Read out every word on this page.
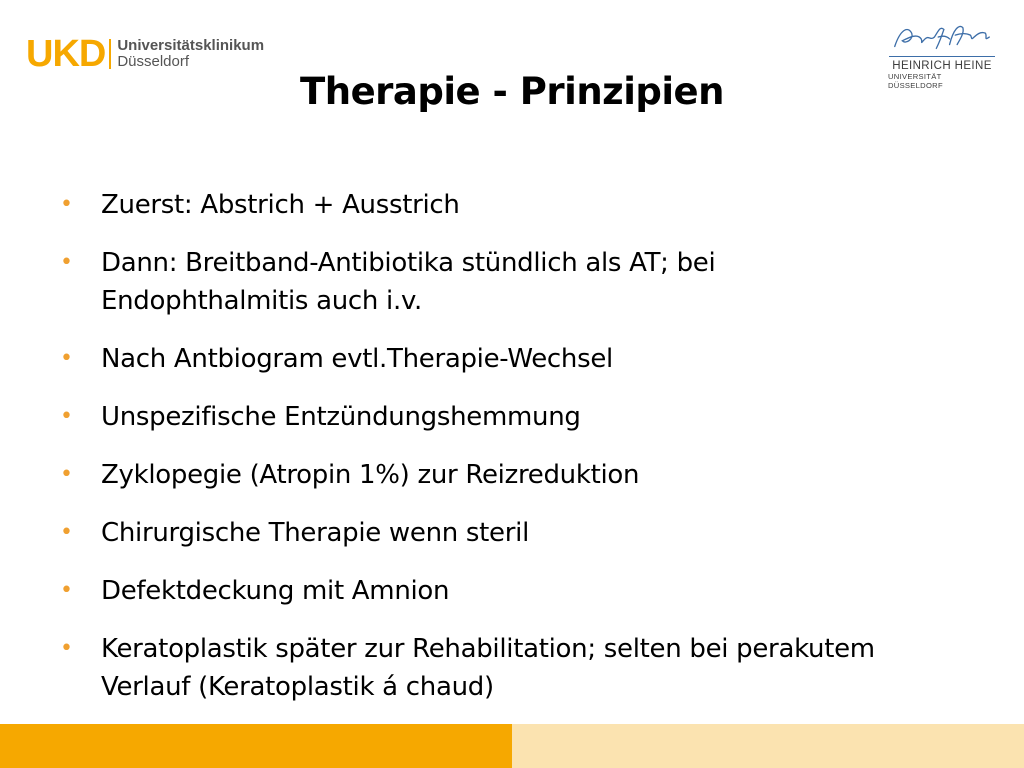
UKD Universitätsklinikum
Düsseldorf	HEINRICH HEINE
UNIVERSITÄT DÜSSELDORF
Therapie - Prinzipien
• Zuerst: Abstrich + Ausstrich
• Dann: Breitband-Antibiotika stündlich als AT; bei
Endophthalmitis auch i.v.
• Nach Antbiogram evtl.Therapie-Wechsel
• Unspezifische Entzündungshemmung
• Zyklopegie (Atropin 1%) zur Reizreduktion
• Chirurgische Therapie wenn steril
• Defektdeckung mit Amnion
• Keratoplastik später zur Rehabilitation; selten bei perakutem
Verlauf (Keratoplastik á chaud)
